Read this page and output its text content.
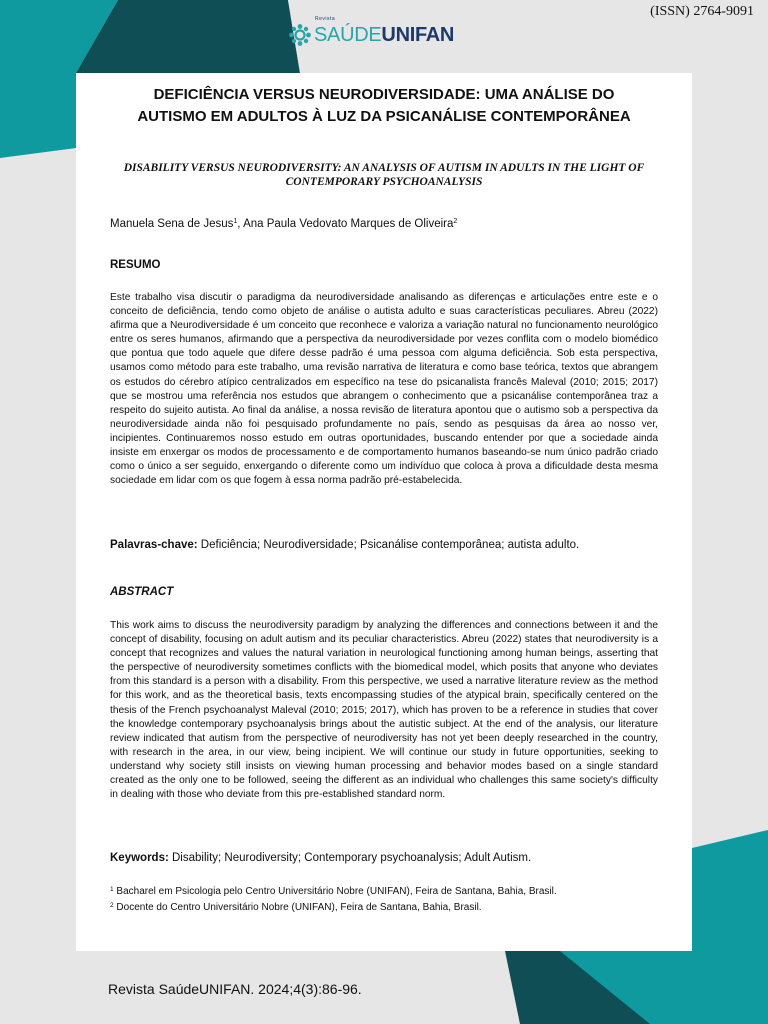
(ISSN) 2764-9091
Revista
SAÚDEUNIFAN
DEFICIÊNCIA VERSUS NEURODIVERSIDADE: UMA ANÁLISE DO
AUTISMO EM ADULTOS À LUZ DA PSICANÁLISE CONTEMPORÂNEA
DISABILITY VERSUS NEURODIVERSITY: AN ANALYSIS OF AUTISM IN ADULTS IN THE LIGHT OF CONTEMPORARY PSYCHOANALYSIS
Manuela Sena de Jesus$^1$, Ana Paula Vedovato Marques de Oliveira$^2$
RESUMO
Este trabalho visa discutir o paradigma da neurodiversidade analisando as diferenças e articulações entre este e o conceito de deficiência, tendo como objeto de análise o autista adulto e suas características peculiares. Abreu (2022) afirma que a Neurodiversidade é um conceito que reconhece e valoriza a variação natural no funcionamento neurológico entre os seres humanos, afirmando que a perspectiva da neurodiversidade por vezes conflita com o modelo biomédico que pontua que todo aquele que difere desse padrão é uma pessoa com alguma deficiência. Sob esta perspectiva, usamos como método para este trabalho, uma revisão narrativa de literatura e como base teórica, textos que abrangem os estudos do cérebro atípico centralizados em específico na tese do psicanalista francês Maleval (2010; 2015; 2017) que se mostrou uma referência nos estudos que abrangem o conhecimento que a psicanálise contemporânea traz a respeito do sujeito autista. Ao final da análise, a nossa revisão de literatura apontou que o autismo sob a perspectiva da neurodiversidade ainda não foi pesquisado profundamente no país, sendo as pesquisas da área ao nosso ver, incipientes. Continuaremos nosso estudo em outras oportunidades, buscando entender por que a sociedade ainda insiste em enxergar os modos de processamento e de comportamento humanos baseando-se num único padrão criado como o único a ser seguido, enxergando o diferente como um indivíduo que coloca à prova a dificuldade desta mesma sociedade em lidar com os que fogem à essa norma padrão pré-estabelecida.
Palavras-chave: Deficiência; Neurodiversidade; Psicanálise contemporânea; autista adulto.
ABSTRACT
This work aims to discuss the neurodiversity paradigm by analyzing the differences and connections between it and the concept of disability, focusing on adult autism and its peculiar characteristics. Abreu (2022) states that neurodiversity is a concept that recognizes and values the natural variation in neurological functioning among human beings, asserting that the perspective of neurodiversity sometimes conflicts with the biomedical model, which posits that anyone who deviates from this standard is a person with a disability. From this perspective, we used a narrative literature review as the method for this work, and as the theoretical basis, texts encompassing studies of the atypical brain, specifically centered on the thesis of the French psychoanalyst Maleval (2010; 2015; 2017), which has proven to be a reference in studies that cover the knowledge contemporary psychoanalysis brings about the autistic subject. At the end of the analysis, our literature review indicated that autism from the perspective of neurodiversity has not yet been deeply researched in the country, with research in the area, in our view, being incipient. We will continue our study in future opportunities, seeking to understand why society still insists on viewing human processing and behavior modes based on a single standard created as the only one to be followed, seeing the different as an individual who challenges this same society's difficulty in dealing with those who deviate from this pre-established standard norm.
Keywords: Disability; Neurodiversity; Contemporary psychoanalysis; Adult Autism.
$^1$ Bacharel em Psicologia pelo Centro Universitário Nobre (UNIFAN), Feira de Santana, Bahia, Brasil.
$^2$ Docente do Centro Universitário Nobre (UNIFAN), Feira de Santana, Bahia, Brasil.
Revista SaúdeUNIFAN. 2024;4(3):86-96.
